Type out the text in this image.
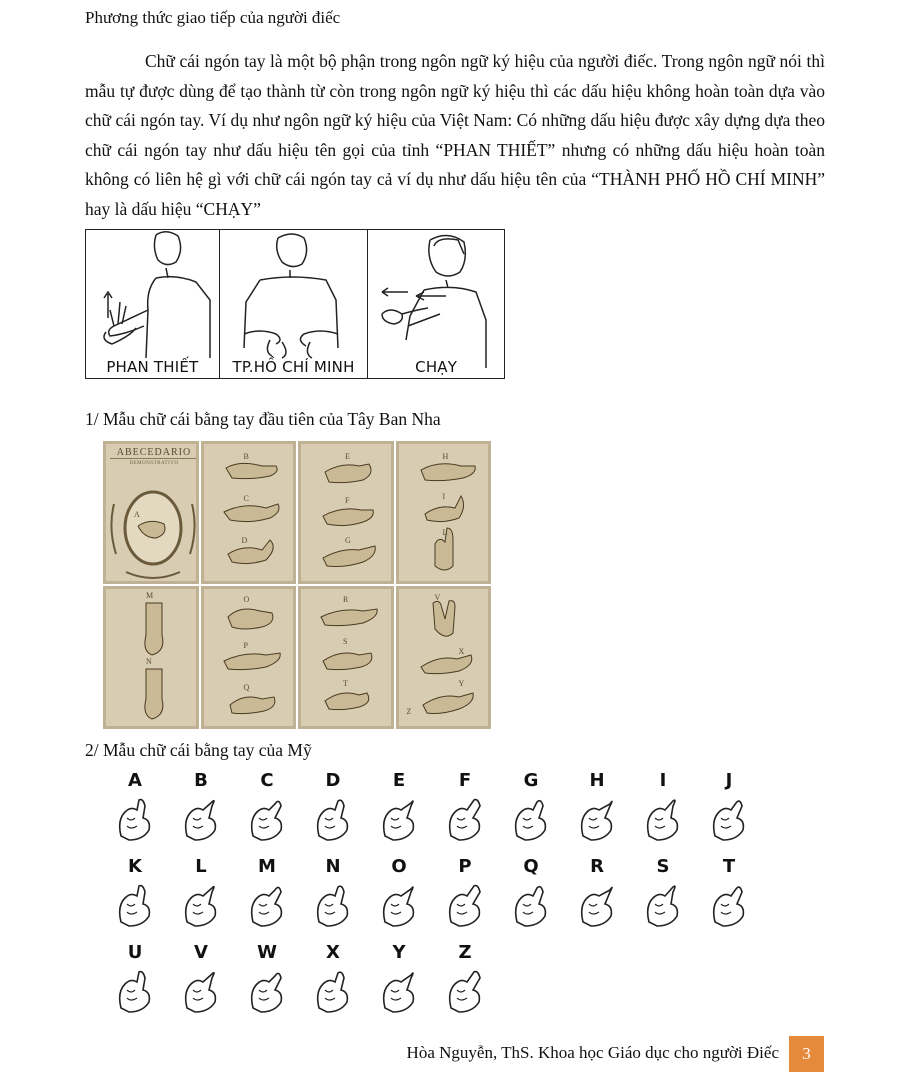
Phương thức giao tiếp của người điếc

Chữ cái ngón tay là một bộ phận trong ngôn ngữ ký hiệu của người điếc. Trong ngôn ngữ nói thì mẫu tự được dùng để tạo thành từ còn trong ngôn ngữ ký hiệu thì các dấu hiệu không hoàn toàn dựa vào chữ cái ngón tay. Ví dụ như ngôn ngữ ký hiệu của Việt Nam: Có những dấu hiệu được xây dựng dựa theo chữ cái ngón tay như dấu hiệu tên gọi của tỉnh “PHAN THIẾT” nhưng có những dấu hiệu hoàn toàn không có liên hệ gì với chữ cái ngón tay cả ví dụ như dấu hiệu tên của “THÀNH PHỐ HỒ CHÍ MINH” hay là dấu hiệu “CHẠY”

PHAN THIẾT	TP.HỒ CHÍ MINH	CHẠY
1/ Mẫu chữ cái bằng tay đầu tiên của Tây Ban Nha
ABECEDARIO
DEMONSTRATIVO
A
B
C
D
E
F
G
H
I
L
M
N
O
P
Q
R
S
T
V
X
Y
Z
2/ Mẫu chữ cái bằng tay của Mỹ
A	B	C	D	E	F	G	H	I	J
K	L	M	N	O	P	Q	R	S	T
U	V	W	X	Y	Z
Hòa Nguyễn, ThS. Khoa học Giáo dục cho người Điếc	3
